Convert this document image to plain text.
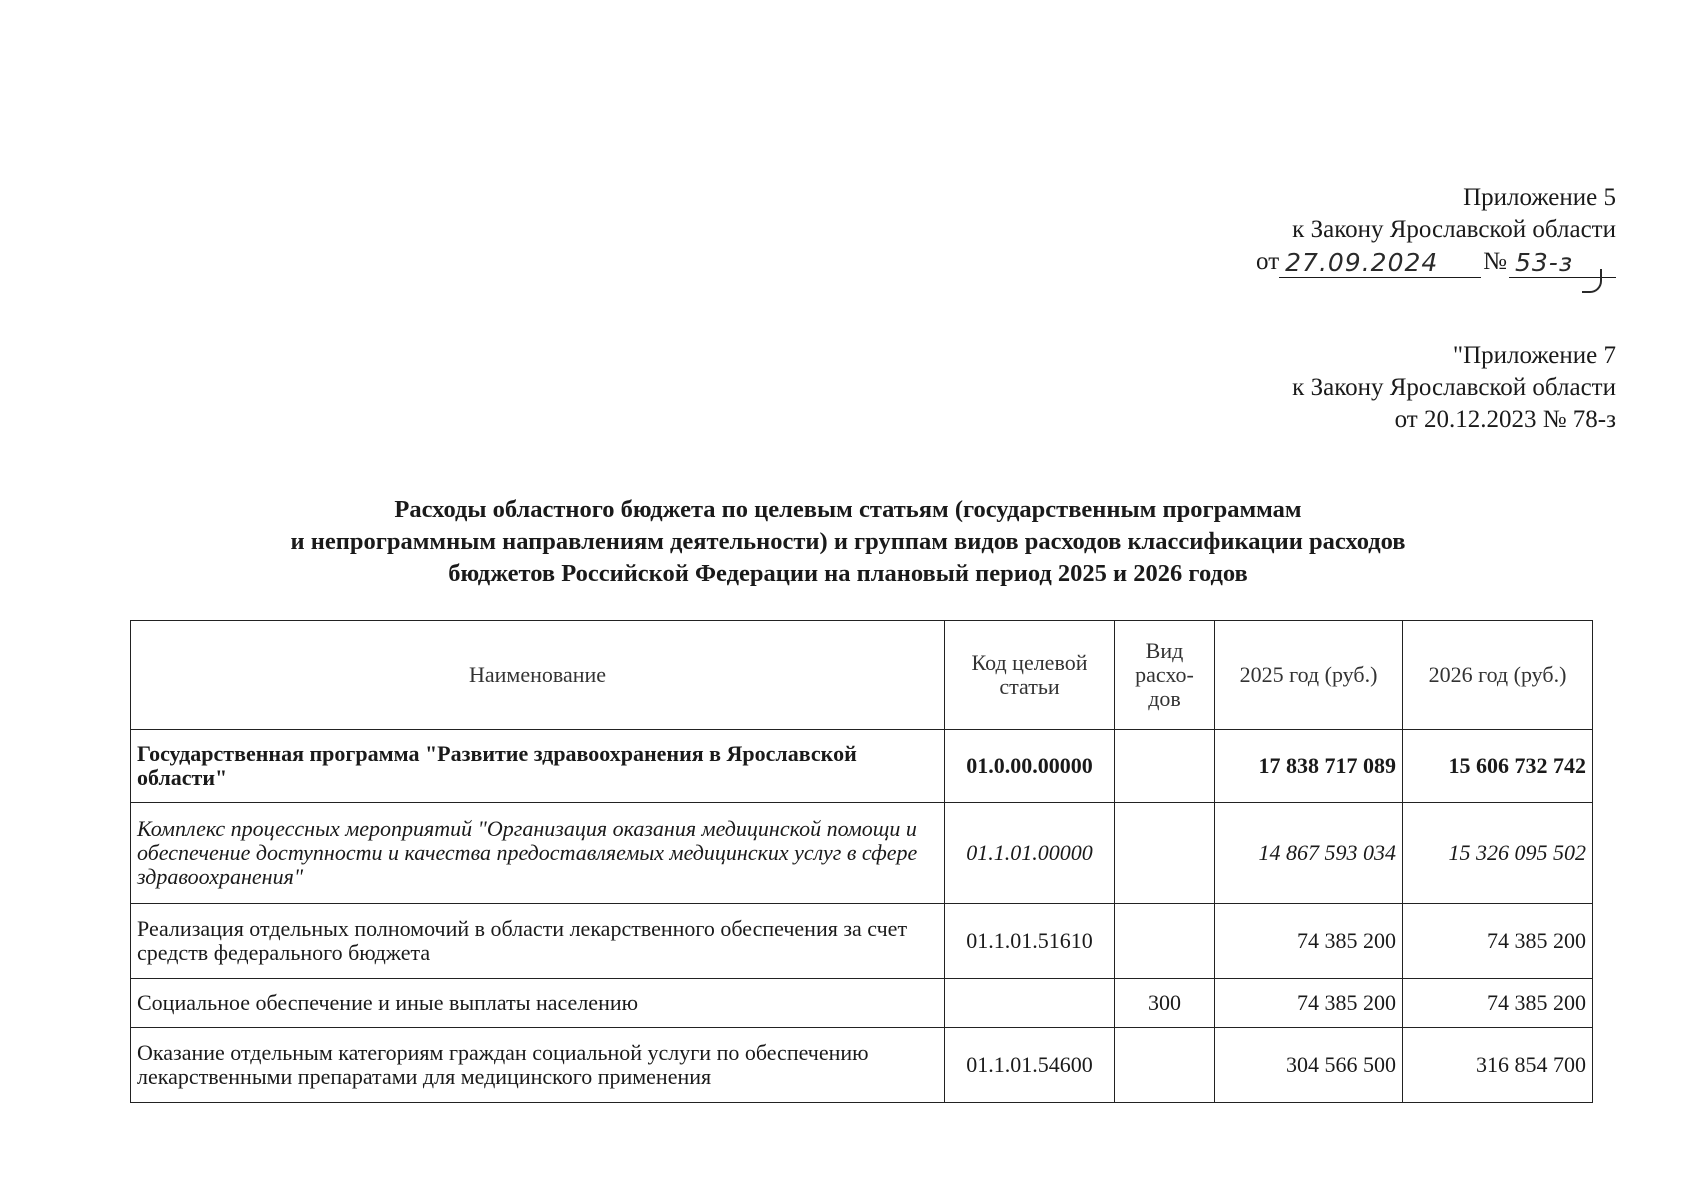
Приложение 5
к Закону Ярославской области
от 27.09.2024	№ 53-з
"Приложение 7
к Закону Ярославской области
от 20.12.2023 № 78-з
Расходы областного бюджета по целевым статьям (государственным программам
и непрограммным направлениям деятельности) и группам видов расходов классификации расходов
бюджетов Российской Федерации на плановый период 2025 и 2026 годов
Наименование	Код целевой статьи	Вид расхо-дов	2025 год (руб.)	2026 год (руб.)
Государственная программа "Развитие здравоохранения в Ярославской области"	01.0.00.00000		17 838 717 089	15 606 732 742
Комплекс процессных мероприятий "Организация оказания медицинской помощи и обеспечение доступности и качества предоставляемых медицинских услуг в сфере здравоохранения"	01.1.01.00000		14 867 593 034	15 326 095 502
Реализация отдельных полномочий в области лекарственного обеспечения за счет средств федерального бюджета	01.1.01.51610		74 385 200	74 385 200
Социальное обеспечение и иные выплаты населению		300	74 385 200	74 385 200
Оказание отдельным категориям граждан социальной услуги по обеспечению лекарственными препаратами для медицинского применения	01.1.01.54600		304 566 500	316 854 700
